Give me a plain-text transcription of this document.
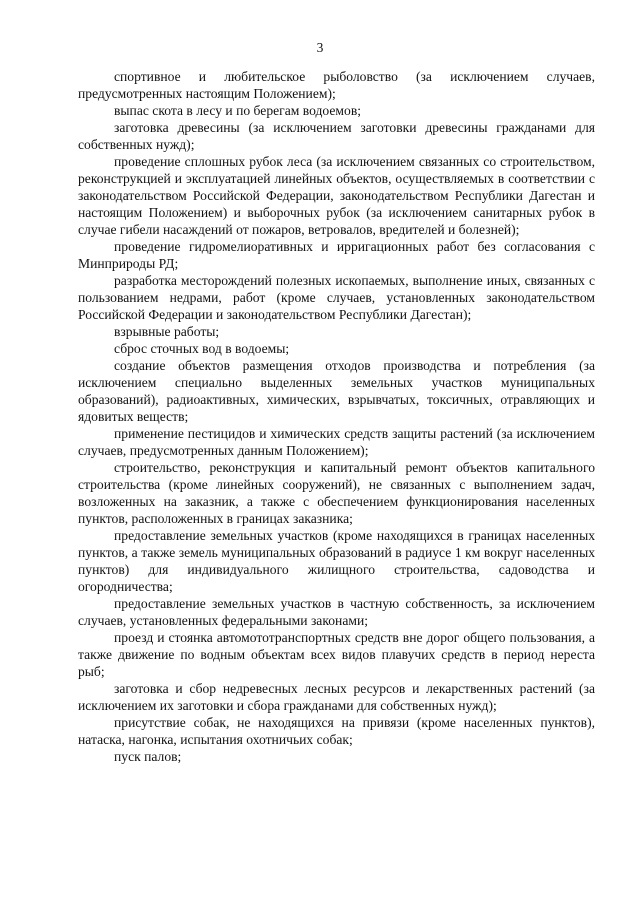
3

спортивное и любительское рыболовство (за исключением случаев, предусмотренных настоящим Положением);

выпас скота в лесу и по берегам водоемов;

заготовка древесины (за исключением заготовки древесины гражданами для собственных нужд);

проведение сплошных рубок леса (за исключением связанных со строительством, реконструкцией и эксплуатацией линейных объектов, осуществляемых в соответствии с законодательством Российской Федерации, законодательством Республики Дагестан и настоящим Положением) и выборочных рубок (за исключением санитарных рубок в случае гибели насаждений от пожаров, ветровалов, вредителей и болезней);

проведение гидромелиоративных и ирригационных работ без согласования с Минприроды РД;

разработка месторождений полезных ископаемых, выполнение иных, связанных с пользованием недрами, работ (кроме случаев, установленных законодательством Российской Федерации и законодательством Республики Дагестан);

взрывные работы;

сброс сточных вод в водоемы;

создание объектов размещения отходов производства и потребления (за исключением специально выделенных земельных участков муниципальных образований), радиоактивных, химических, взрывчатых, токсичных, отравляющих и ядовитых веществ;

применение пестицидов и химических средств защиты растений (за исключением случаев, предусмотренных данным Положением);

строительство, реконструкция и капитальный ремонт объектов капитального строительства (кроме линейных сооружений), не связанных с выполнением задач, возложенных на заказник, а также с обеспечением функционирования населенных пунктов, расположенных в границах заказника;

предоставление земельных участков (кроме находящихся в границах населенных пунктов, а также земель муниципальных образований в радиусе 1 км вокруг населенных пунктов) для индивидуального жилищного строительства, садоводства и огородничества;

предоставление земельных участков в частную собственность, за исключением случаев, установленных федеральными законами;

проезд и стоянка автомототранспортных средств вне дорог общего пользования, а также движение по водным объектам всех видов плавучих средств в период нереста рыб;

заготовка и сбор недревесных лесных ресурсов и лекарственных растений (за исключением их заготовки и сбора гражданами для собственных нужд);

присутствие собак, не находящихся на привязи (кроме населенных пунктов), натаска, нагонка, испытания охотничьих собак;

пуск палов;
